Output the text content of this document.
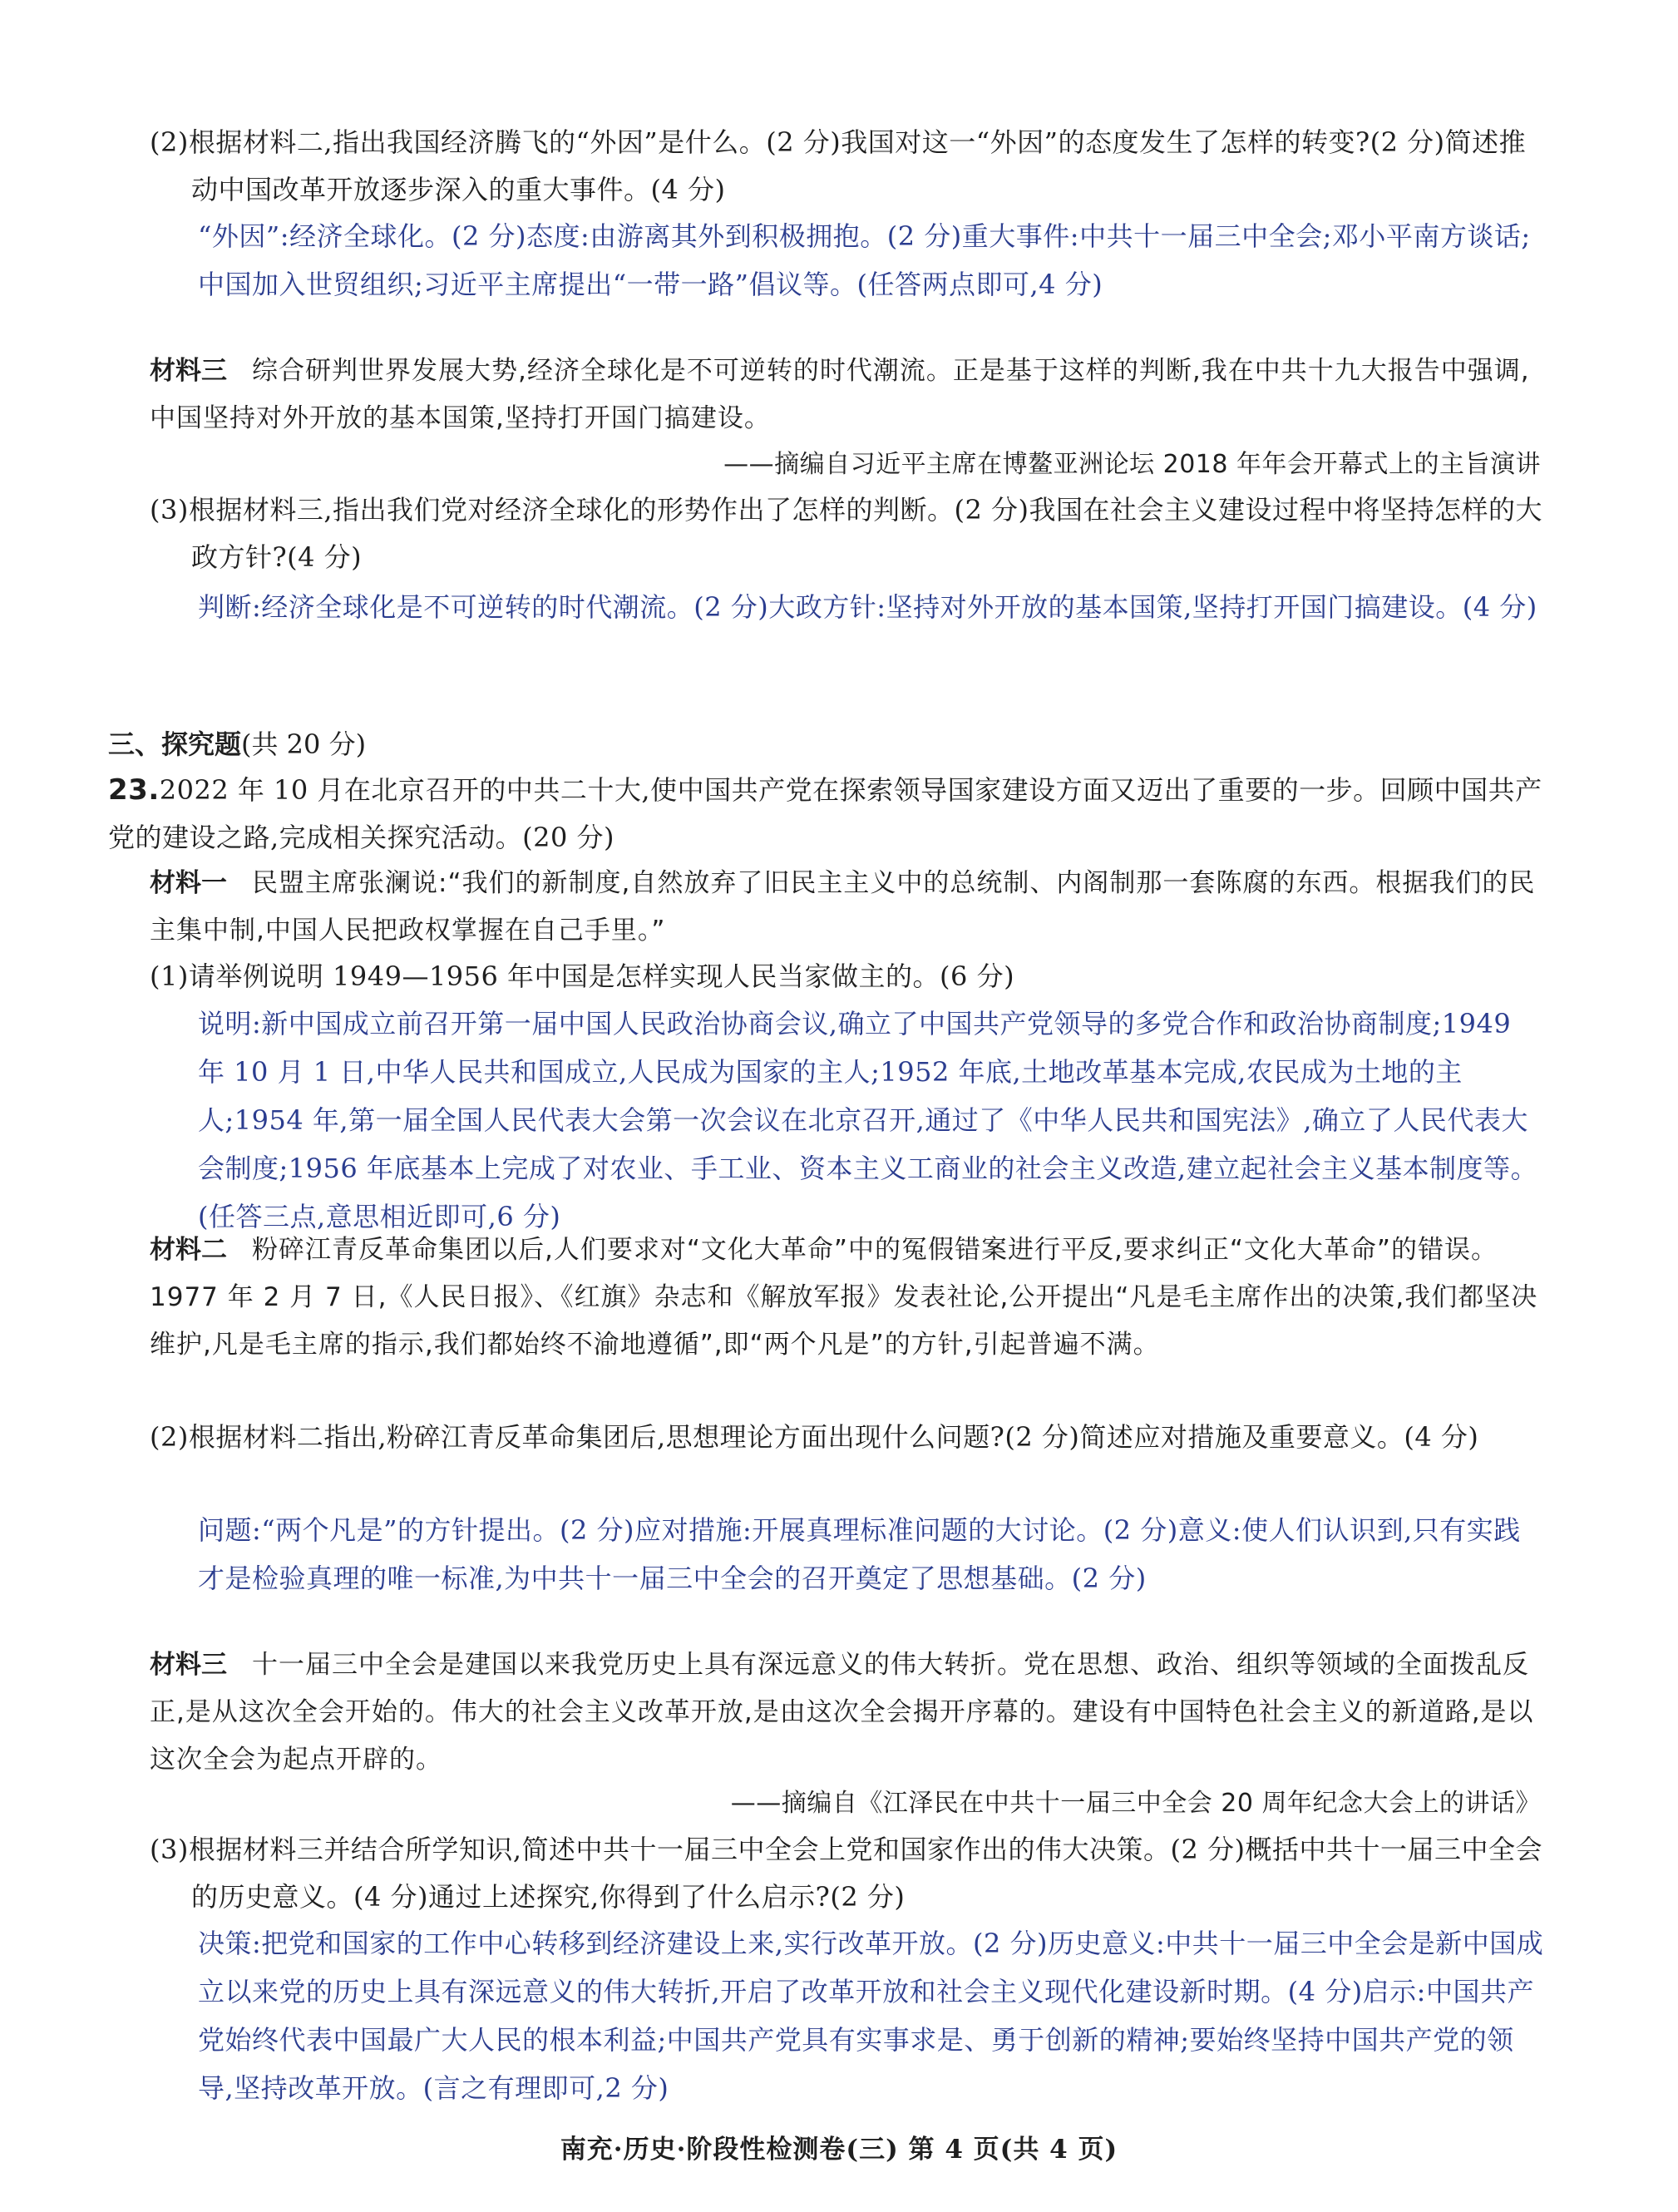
(2)根据材料二,指出我国经济腾飞的“外因”是什么。(2 分)我国对这一“外因”的态度发生了怎样的转变?(2 分)简述推动中国改革开放逐步深入的重大事件。(4 分)

“外因”:经济全球化。(2 分)态度:由游离其外到积极拥抱。(2 分)重大事件:中共十一届三中全会;邓小平南方谈话;中国加入世贸组织;习近平主席提出“一带一路”倡议等。(任答两点即可,4 分)

材料三 综合研判世界发展大势,经济全球化是不可逆转的时代潮流。正是基于这样的判断,我在中共十九大报告中强调,中国坚持对外开放的基本国策,坚持打开国门搞建设。

——摘编自习近平主席在博鳌亚洲论坛 2018 年年会开幕式上的主旨演讲

(3)根据材料三,指出我们党对经济全球化的形势作出了怎样的判断。(2 分)我国在社会主义建设过程中将坚持怎样的大政方针?(4 分)

判断:经济全球化是不可逆转的时代潮流。(2 分)大政方针:坚持对外开放的基本国策,坚持打开国门搞建设。(4 分)

三、探究题(共 20 分)

23.2022 年 10 月在北京召开的中共二十大,使中国共产党在探索领导国家建设方面又迈出了重要的一步。回顾中国共产党的建设之路,完成相关探究活动。(20 分)

材料一 民盟主席张澜说:“我们的新制度,自然放弃了旧民主主义中的总统制、内阁制那一套陈腐的东西。根据我们的民主集中制,中国人民把政权掌握在自己手里。”

(1)请举例说明 1949—1956 年中国是怎样实现人民当家做主的。(6 分)

说明:新中国成立前召开第一届中国人民政治协商会议,确立了中国共产党领导的多党合作和政治协商制度;1949 年 10 月 1 日,中华人民共和国成立,人民成为国家的主人;1952 年底,土地改革基本完成,农民成为土地的主人;1954 年,第一届全国人民代表大会第一次会议在北京召开,通过了《中华人民共和国宪法》,确立了人民代表大会制度;1956 年底基本上完成了对农业、手工业、资本主义工商业的社会主义改造,建立起社会主义基本制度等。(任答三点,意思相近即可,6 分)

材料二 粉碎江青反革命集团以后,人们要求对“文化大革命”中的冤假错案进行平反,要求纠正“文化大革命”的错误。1977 年 2 月 7 日,《人民日报》、《红旗》杂志和《解放军报》发表社论,公开提出“凡是毛主席作出的决策,我们都坚决维护,凡是毛主席的指示,我们都始终不渝地遵循”,即“两个凡是”的方针,引起普遍不满。

(2)根据材料二指出,粉碎江青反革命集团后,思想理论方面出现什么问题?(2 分)简述应对措施及重要意义。(4 分)

问题:“两个凡是”的方针提出。(2 分)应对措施:开展真理标准问题的大讨论。(2 分)意义:使人们认识到,只有实践才是检验真理的唯一标准,为中共十一届三中全会的召开奠定了思想基础。(2 分)

材料三 十一届三中全会是建国以来我党历史上具有深远意义的伟大转折。党在思想、政治、组织等领域的全面拨乱反正,是从这次全会开始的。伟大的社会主义改革开放,是由这次全会揭开序幕的。建设有中国特色社会主义的新道路,是以这次全会为起点开辟的。

——摘编自《江泽民在中共十一届三中全会 20 周年纪念大会上的讲话》

(3)根据材料三并结合所学知识,简述中共十一届三中全会上党和国家作出的伟大决策。(2 分)概括中共十一届三中全会的历史意义。(4 分)通过上述探究,你得到了什么启示?(2 分)

决策:把党和国家的工作中心转移到经济建设上来,实行改革开放。(2 分)历史意义:中共十一届三中全会是新中国成立以来党的历史上具有深远意义的伟大转折,开启了改革开放和社会主义现代化建设新时期。(4 分)启示:中国共产党始终代表中国最广大人民的根本利益;中国共产党具有实事求是、勇于创新的精神;要始终坚持中国共产党的领导,坚持改革开放。(言之有理即可,2 分)

南充·历史·阶段性检测卷(三) 第 4 页(共 4 页)
